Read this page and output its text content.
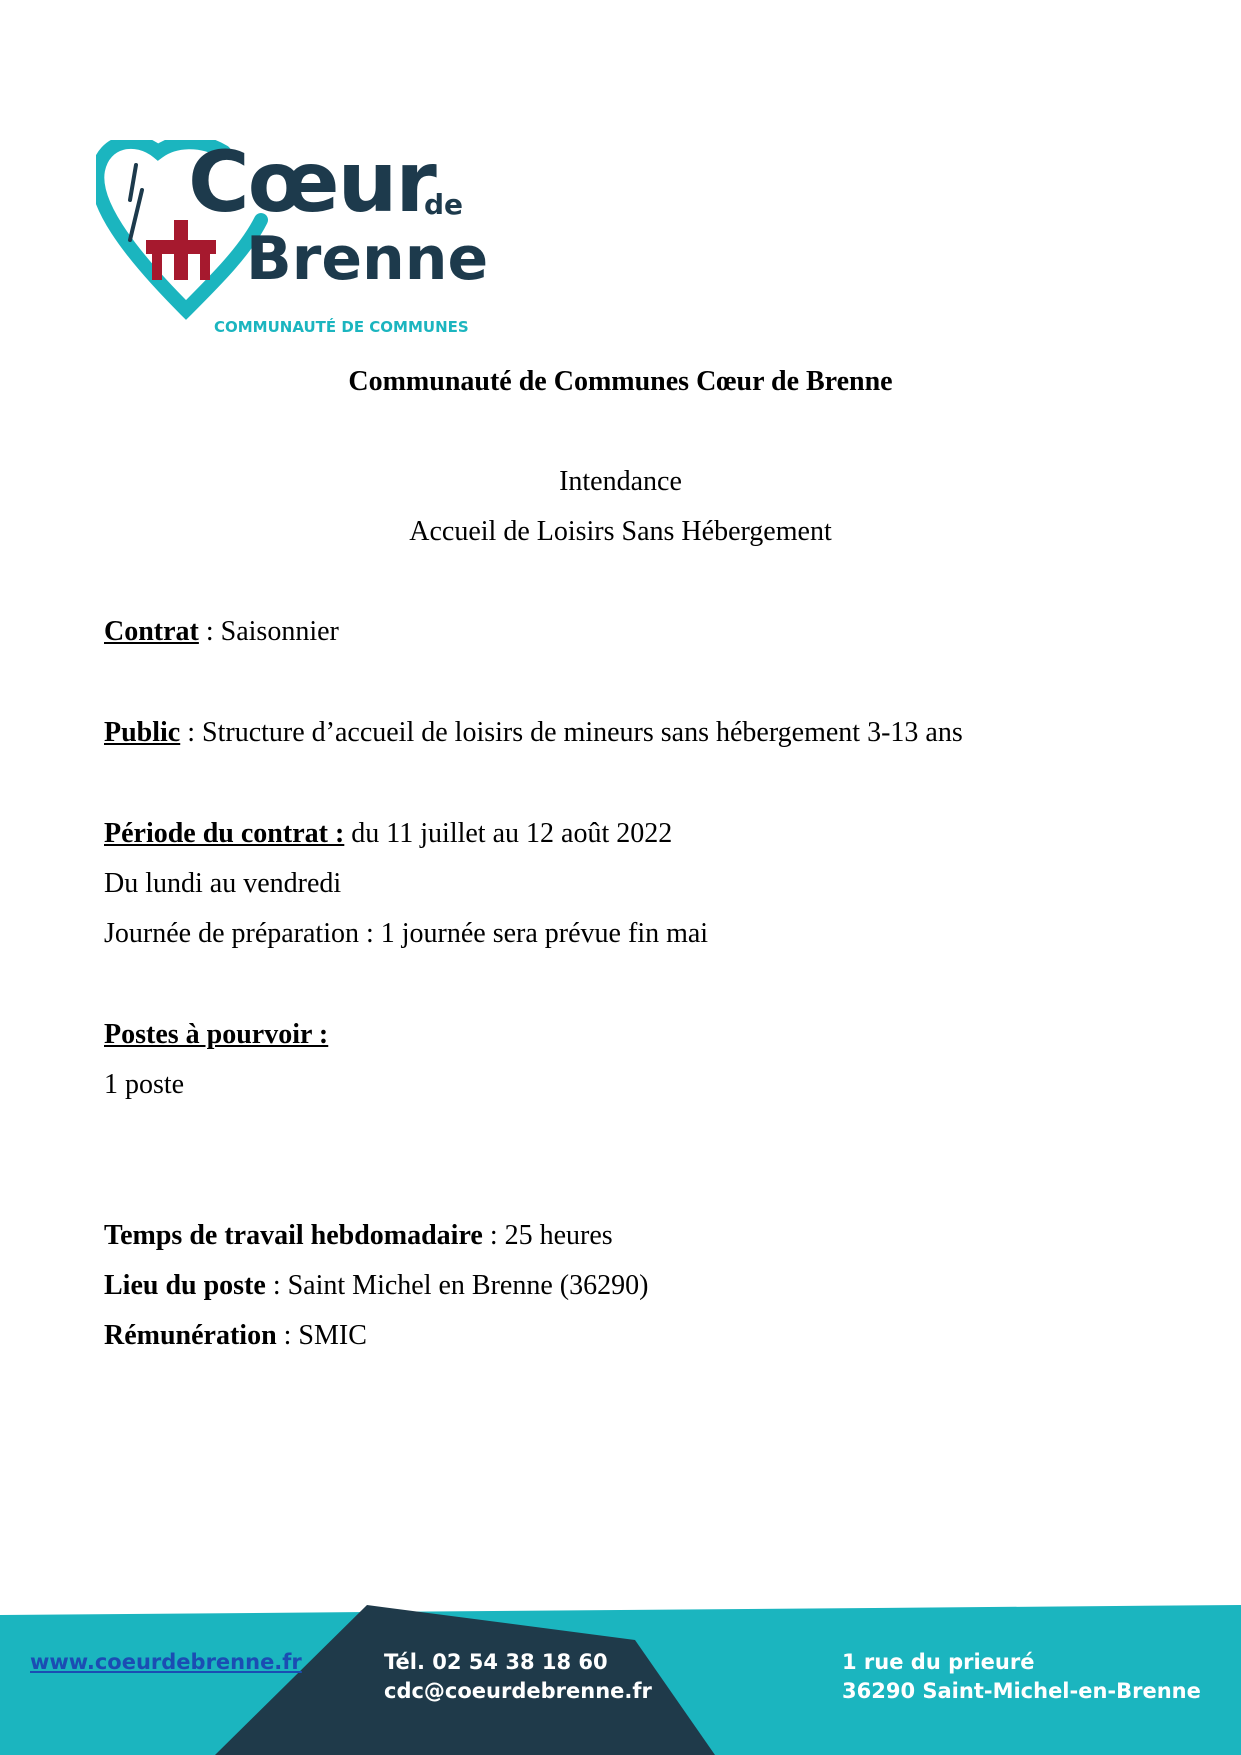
Cœur
de
Brenne
COMMUNAUTÉ DE COMMUNES
Communauté de Communes Cœur de Brenne
Intendance
Accueil de Loisirs Sans Hébergement
Contrat : Saisonnier
Public : Structure d’accueil de loisirs de mineurs sans hébergement 3-13 ans
Période du contrat : du 11 juillet au 12 août 2022
Du lundi au vendredi
Journée de préparation : 1 journée sera prévue fin mai
Postes à pourvoir :
1 poste
Temps de travail hebdomadaire : 25 heures
Lieu du poste : Saint Michel en Brenne (36290)
Rémunération : SMIC
www.coeurdebrenne.fr	Tél. 02 54 38 18 60
cdc@coeurdebrenne.fr
1 rue du prieuré
36290 Saint-Michel-en-Brenne
